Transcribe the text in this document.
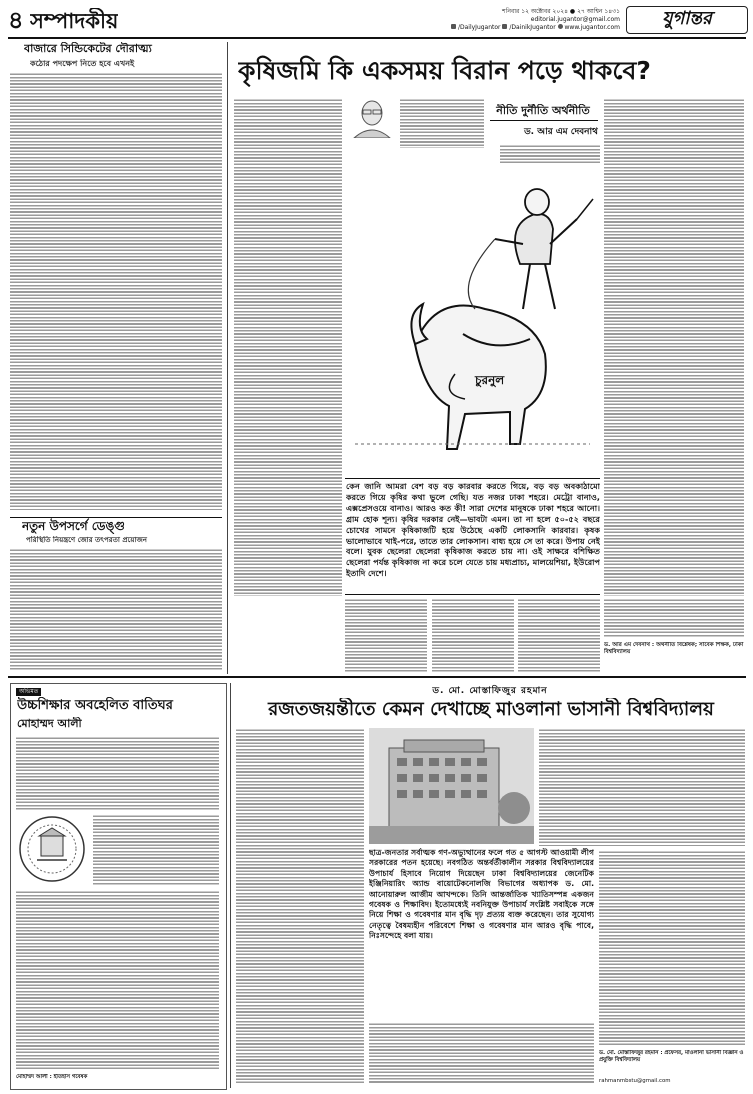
৪ সম্পাদকীয়	শনিবার ১২ অক্টোবর ২০২৪ ● ২৭ আশ্বিন ১৪৩১
editorial.jugantor@gmail.com
/DailyJugantor /DainikJugantor www.jugantor.com	যুগান্তর
বাজারে সিন্ডিকেটের দৌরাত্ম্য
কঠোর পদক্ষেপ নিতে হবে এখনই
নতুন উপসর্গে ডেঙ্গু
পরিস্থিতি নিয়ন্ত্রণে জোর তৎপরতা প্রয়োজন
কৃষিজমি কি একসময় বিরান পড়ে থাকবে?
নীতি দুর্নীতি অর্থনীতি
ড. আর এম দেবনাথ
চুরনুল
কেন জানি আমরা বেশ বড় বড় কারবার করতে গিয়ে, বড় বড় অবকাঠামো করতে গিয়ে কৃষির কথা ভুলে গেছি। যত নজর ঢাকা শহরে। মেট্রো বানাও, এক্সপ্রেসওয়ে বানাও। আরও কত কী! সারা দেশের মানুষকে ঢাকা শহরে আনো। গ্রাম হোক শূন্য। কৃষির দরকার নেই—ভাবটা এমন। তা না হলে ৫০-৫২ বছরে চোখের সামনে কৃষিকাজটি হয়ে উঠেছে একটি লোকসানি কারবার। কৃষক ভালোভাবে খাই-পরে, তাতে তার লোকসান। বাধ্য হয়ে সে তা করে। উপায় নেই বলে। যুবক ছেলেরা ছেলেরা কৃষিকাজ করতে চায় না। ওই সাক্ষরে বশিক্ষিত ছেলেরা পর্যন্ত কৃষিকাজ না করে চলে যেতে চায় মধ্যপ্রাচ্য, মালয়েশিয়া, ইউরোপ ইতাদি দেশে।
ড. আর এম দেবনাথ : অর্থনীতি বিশ্লেষক; সাবেক শিক্ষক, ঢাকা বিশ্ববিদ্যালয়
অভিমত
উচ্চশিক্ষার অবহেলিত বাতিঘর
মোহাম্মদ আলী
মোহাম্মদ আলী : ইতিহাস গবেষক
ড. মো. মোস্তাফিজুর রহমান
রজতজয়ন্তীতে কেমন দেখাচ্ছে মাওলানা ভাসানী বিশ্ববিদ্যালয়
ছাত্র-জনতার সর্বাত্মক গণ-অভ্যুত্থানের ফলে গত ৫ আগস্ট আওয়ামী লীগ সরকারের পতন হয়েছে। নবগঠিত অন্তর্বর্তীকালীন সরকার বিশ্ববিদ্যালয়ের উপাচার্য হিসাবে নিয়োগ দিয়েছেন ঢাকা বিশ্ববিদ্যালয়ের জেনেটিক ইঞ্জিনিয়ারিং অ্যান্ড বায়োটেকনোলজি বিভাগের অধ্যাপক ড. মো. আনোয়ারুল আজীম আখন্দকে। তিনি আন্তর্জাতিক খ্যাতিসম্পন্ন একজন গবেষক ও শিক্ষাবিদ। ইতোমধ্যেই নবনিযুক্ত উপাচার্য সংশ্লিষ্ট সবাইকে সঙ্গে নিয়ে শিক্ষা ও গবেষণার মান বৃদ্ধি দৃঢ় প্রত্যয় ব্যক্ত করেছেন। তার সুযোগ্য নেতৃত্বে বৈষম্যহীন পরিবেশে শিক্ষা ও গবেষণার মান আরও বৃদ্ধি পাবে, নিঃসন্দেহে বলা যায়।
ড. মো. মোস্তাফিজুর রহমান : প্রফেসর, মাওলানা ভাসানী বিজ্ঞান ও প্রযুক্তি বিশ্ববিদ্যালয়
rahmanmbstu@gmail.com
